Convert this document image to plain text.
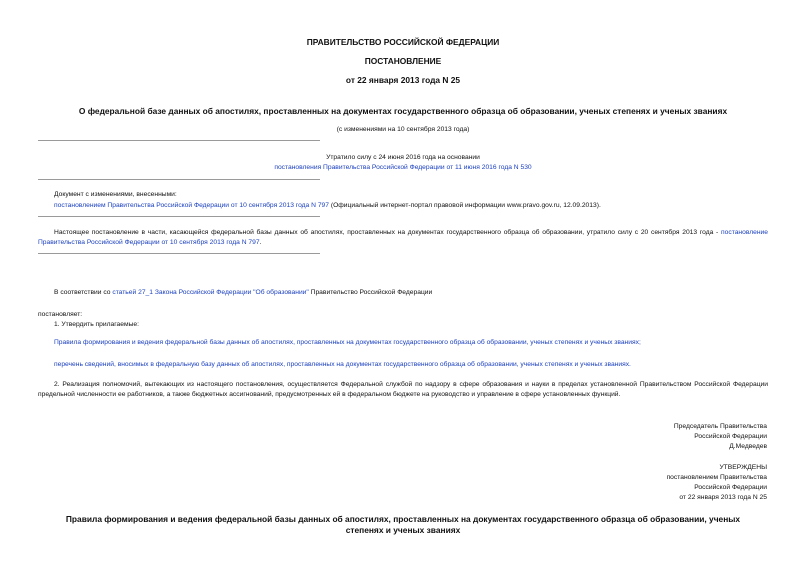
ПРАВИТЕЛЬСТВО РОССИЙСКОЙ ФЕДЕРАЦИИ
ПОСТАНОВЛЕНИЕ
от 22 января 2013 года N 25
О федеральной базе данных об апостилях, проставленных на документах государственного образца об образовании, ученых степенях и ученых званиях
(с изменениями на 10 сентября 2013 года)
Утратило силу с 24 июня 2016 года на основании
постановления Правительства Российской Федерации от 11 июня 2016 года N 530
Документ с изменениями, внесенными:
постановлением Правительства Российской Федерации от 10 сентября 2013 года N 797 (Официальный интернет-портал правовой информации www.pravo.gov.ru, 12.09.2013).
Настоящее постановление в части, касающейся федеральной базы данных об апостилях, проставленных на документах государственного образца об образовании, утратило силу с 20 сентября 2013 года - постановление Правительства Российской Федерации от 10 сентября 2013 года N 797.
В соответствии со статьей 27_1 Закона Российской Федерации "Об образовании" Правительство Российской Федерации
постановляет:
1. Утвердить прилагаемые:
Правила формирования и ведения федеральной базы данных об апостилях, проставленных на документах государственного образца об образовании, ученых степенях и ученых званиях;
перечень сведений, вносимых в федеральную базу данных об апостилях, проставленных на документах государственного образца об образовании, ученых степенях и ученых званиях.
2. Реализация полномочий, вытекающих из настоящего постановления, осуществляется Федеральной службой по надзору в сфере образования и науки в пределах установленной Правительством Российской Федерации предельной численности ее работников, а также бюджетных ассигнований, предусмотренных ей в федеральном бюджете на руководство и управление в сфере установленных функций.
Председатель Правительства
Российской Федерации
Д.Медведев
УТВЕРЖДЕНЫ
постановлением Правительства
Российской Федерации
от 22 января 2013 года N 25
Правила формирования и ведения федеральной базы данных об апостилях, проставленных на документах государственного образца об образовании, ученых степенях и ученых званиях
